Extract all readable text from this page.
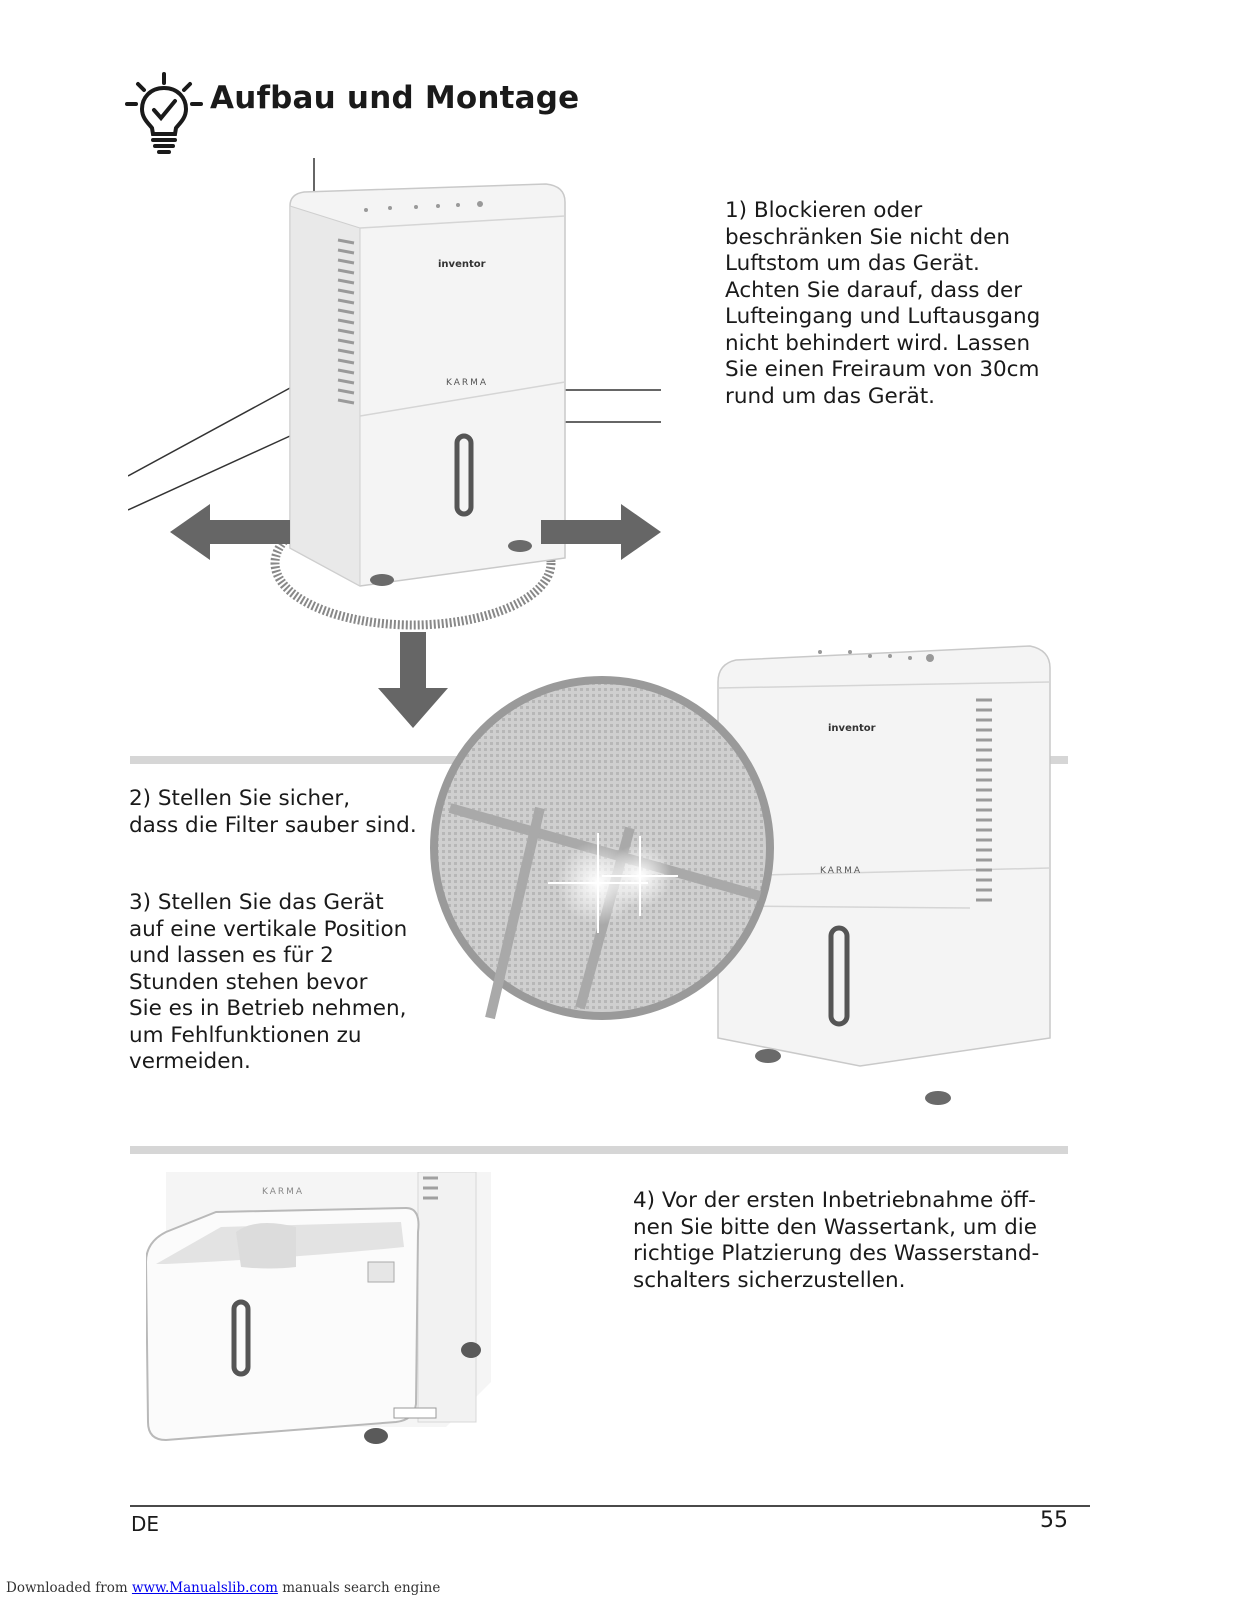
Aufbau und Montage
inventor
KARMA
1) Blockieren oder
beschränken Sie nicht den
Luftstom um das Gerät.
Achten Sie darauf, dass der
Lufteingang und Luftausgang
nicht behindert wird. Lassen
Sie einen Freiraum von 30cm
rund um das Gerät.
inventor
KARMA
2) Stellen Sie sicher,
dass die Filter sauber sind.
3) Stellen Sie das Gerät
auf eine vertikale Position
und lassen es für 2
Stunden stehen bevor
Sie es in Betrieb nehmen,
um Fehlfunktionen zu
vermeiden.
KARMA	4) Vor der ersten Inbetriebnahme öff-
nen Sie bitte den Wassertank, um die
richtige Platzierung des Wasserstand-
schalters sicherzustellen.
DE	55
Downloaded from www.Manualslib.com manuals search engine
